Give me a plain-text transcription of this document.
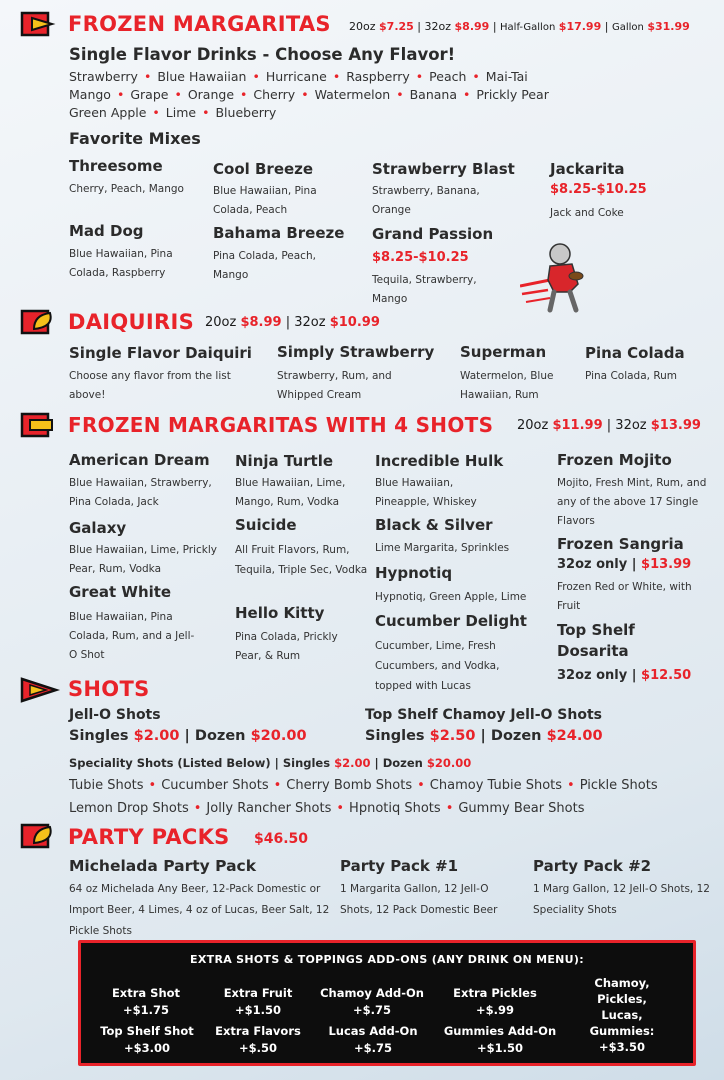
FROZEN MARGARITAS 20oz $7.25 | 32oz $8.99 | Half-Gallon $17.99 | Gallon $31.99
Single Flavor Drinks - Choose Any Flavor!
Strawberry • Blue Hawaiian • Hurricane • Raspberry • Peach • Mai-Tai
Mango • Grape • Orange • Cherry • Watermelon • Banana • Prickly Pear
Green Apple • Lime • Blueberry
Favorite Mixes
Threesome
Cherry, Peach, Mango
Cool Breeze
Blue Hawaiian, Pina Colada, Peach
Strawberry Blast
Strawberry, Banana, Orange
Jackarita
$8.25-$10.25
Jack and Coke
Mad Dog
Blue Hawaiian, Pina Colada, Raspberry
Bahama Breeze
Pina Colada, Peach, Mango
Grand Passion
$8.25-$10.25
Tequila, Strawberry, Mango
DAIQUIRIS 20oz $8.99 | 32oz $10.99
Single Flavor Daiquiri
Choose any flavor from the list above!
Simply Strawberry
Strawberry, Rum, and Whipped Cream
Superman
Watermelon, Blue Hawaiian, Rum
Pina Colada
Pina Colada, Rum
FROZEN MARGARITAS WITH 4 SHOTS 20oz $11.99 | 32oz $13.99
American Dream
Blue Hawaiian, Strawberry, Pina Colada, Jack
Galaxy
Blue Hawaiian, Lime, Prickly Pear, Rum, Vodka
Great White
Blue Hawaiian, Pina Colada, Rum, and a Jell-O Shot
Ninja Turtle
Blue Hawaiian, Lime, Mango, Rum, Vodka
Suicide
All Fruit Flavors, Rum, Tequila, Triple Sec, Vodka
Hello Kitty
Pina Colada, Prickly Pear, & Rum
Incredible Hulk
Blue Hawaiian, Pineapple, Whiskey
Black & Silver
Lime Margarita, Sprinkles
Hypnotiq
Hypnotiq, Green Apple, Lime
Cucumber Delight
Cucumber, Lime, Fresh Cucumbers, and Vodka, topped with Lucas
Frozen Mojito
Mojito, Fresh Mint, Rum, and any of the above 17 Single Flavors
Frozen Sangria
32oz only | $13.99
Frozen Red or White, with Fruit
Top Shelf Dosarita
32oz only | $12.50
SHOTS
Jell-O Shots
Singles $2.00 | Dozen $20.00
Top Shelf Chamoy Jell-O Shots
Singles $2.50 | Dozen $24.00
Speciality Shots (Listed Below) | Singles $2.00 | Dozen $20.00
Tubie Shots • Cucumber Shots • Cherry Bomb Shots • Chamoy Tubie Shots • Pickle Shots
Lemon Drop Shots • Jolly Rancher Shots • Hpnotiq Shots • Gummy Bear Shots
PARTY PACKS $46.50
Michelada Party Pack
64 oz Michelada Any Beer, 12-Pack Domestic or Import Beer, 4 Limes, 4 oz of Lucas, Beer Salt, 12 Pickle Shots
Party Pack #1
1 Margarita Gallon, 12 Jell-O Shots, 12 Pack Domestic Beer
Party Pack #2
1 Marg Gallon, 12 Jell-O Shots, 12 Speciality Shots
EXTRA SHOTS & TOPPINGS ADD-ONS (ANY DRINK ON MENU):
Extra Shot
+$1.75
Extra Fruit
+$1.50
Chamoy Add-On
+$.75
Extra Pickles
+$.99
Chamoy, Pickles, Lucas, Gummies:
+$3.50
Top Shelf Shot
+$3.00
Extra Flavors
+$.50
Lucas Add-On
+$.75
Gummies Add-On
+$1.50
